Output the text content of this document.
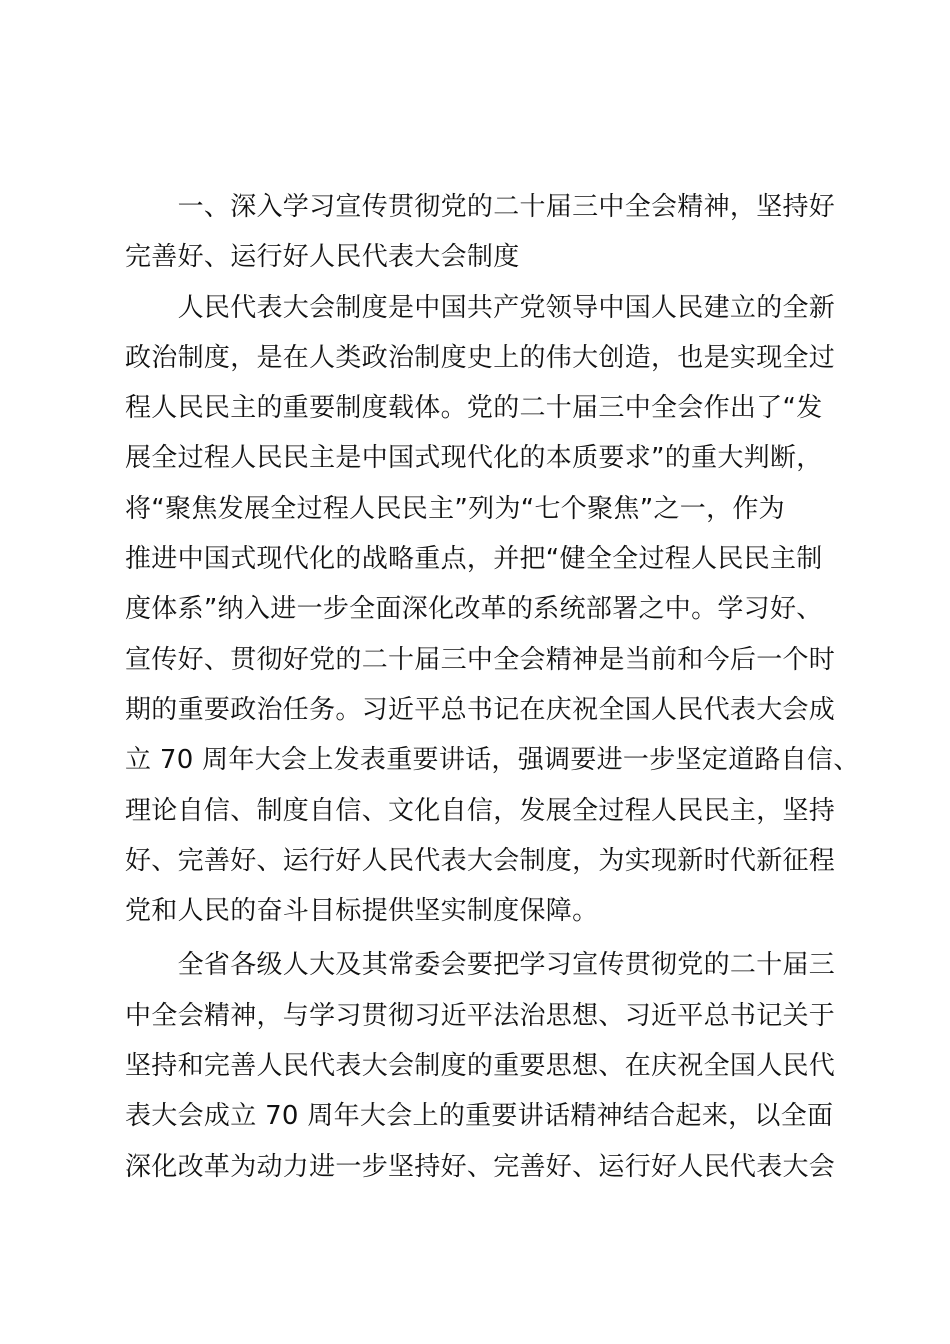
　　一、深入学习宣传贯彻党的二十届三中全会精神，坚持好

完善好、运行好人民代表大会制度

　　人民代表大会制度是中国共产党领导中国人民建立的全新

政治制度，是在人类政治制度史上的伟大创造，也是实现全过

程人民民主的重要制度载体。党的二十届三中全会作出了“发

展全过程人民民主是中国式现代化的本质要求”的重大判断，

将“聚焦发展全过程人民民主”列为“七个聚焦”之一，作为

推进中国式现代化的战略重点，并把“健全全过程人民民主制

度体系”纳入进一步全面深化改革的系统部署之中。学习好、

宣传好、贯彻好党的二十届三中全会精神是当前和今后一个时

期的重要政治任务。习近平总书记在庆祝全国人民代表大会成

立 70 周年大会上发表重要讲话，强调要进一步坚定道路自信、

理论自信、制度自信、文化自信，发展全过程人民民主，坚持

好、完善好、运行好人民代表大会制度，为实现新时代新征程

党和人民的奋斗目标提供坚实制度保障。

　　全省各级人大及其常委会要把学习宣传贯彻党的二十届三

中全会精神，与学习贯彻习近平法治思想、习近平总书记关于

坚持和完善人民代表大会制度的重要思想、在庆祝全国人民代

表大会成立 70 周年大会上的重要讲话精神结合起来，以全面

深化改革为动力进一步坚持好、完善好、运行好人民代表大会
